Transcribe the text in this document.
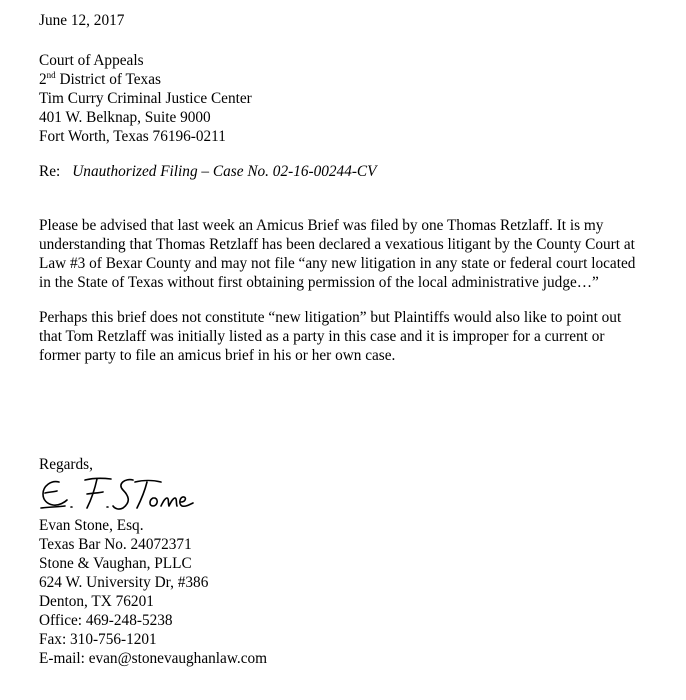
June 12, 2017
Court of Appeals
2nd District of Texas
Tim Curry Criminal Justice Center
401 W. Belknap, Suite 9000
Fort Worth, Texas 76196-0211
Re: Unauthorized Filing – Case No. 02-16-00244-CV
Please be advised that last week an Amicus Brief was filed by one Thomas Retzlaff. It is my
understanding that Thomas Retzlaff has been declared a vexatious litigant by the County Court at
Law #3 of Bexar County and may not file “any new litigation in any state or federal court located
in the State of Texas without first obtaining permission of the local administrative judge…”
Perhaps this brief does not constitute “new litigation” but Plaintiffs would also like to point out
that Tom Retzlaff was initially listed as a party in this case and it is improper for a current or
former party to file an amicus brief in his or her own case.
Regards,
Evan Stone, Esq.
Texas Bar No. 24072371
Stone & Vaughan, PLLC
624 W. University Dr, #386
Denton, TX 76201
Office: 469-248-5238
Fax: 310-756-1201
E-mail: evan@stonevaughanlaw.com
